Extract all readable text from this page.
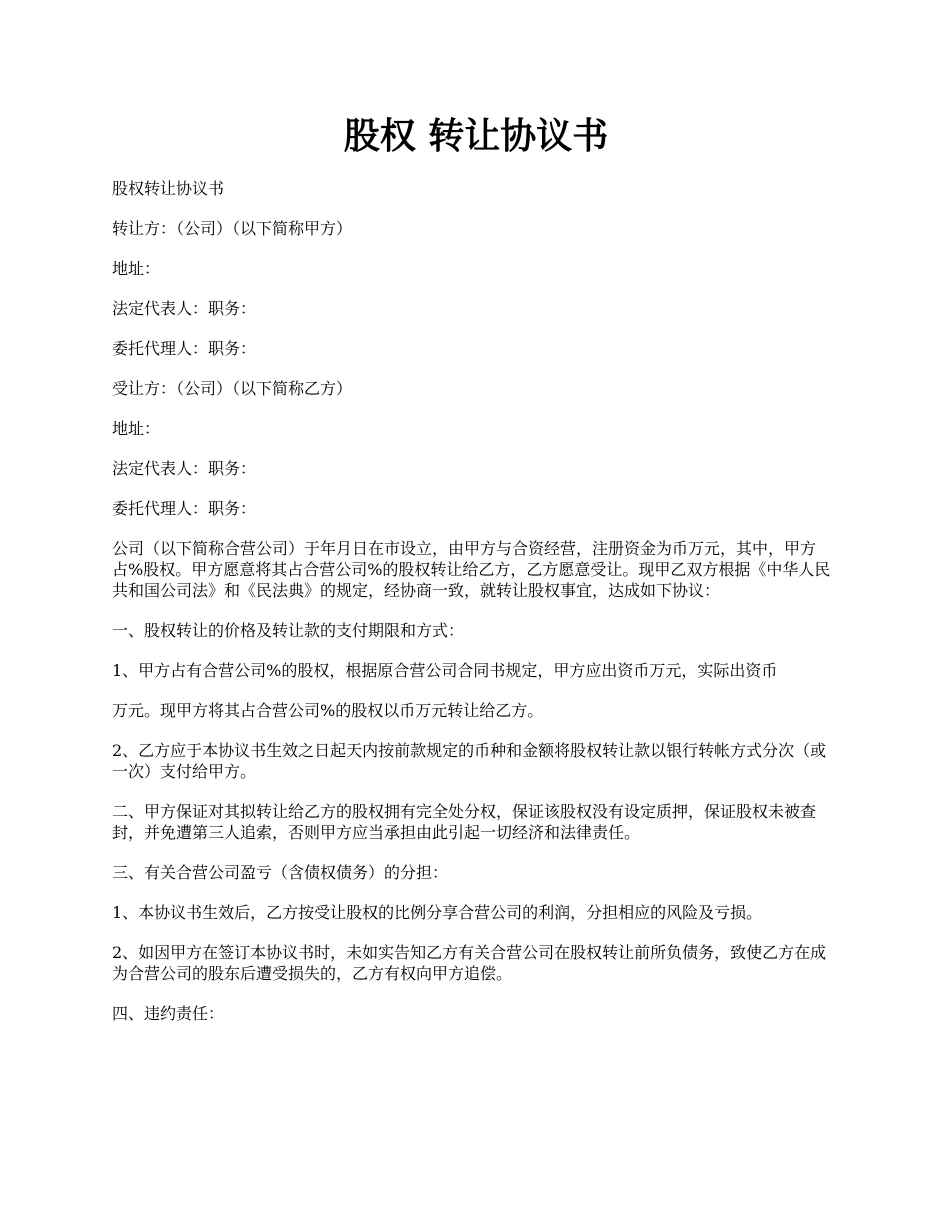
股权 转让协议书

股权转让协议书

转让方：（公司）（以下简称甲方）

地址：

法定代表人：职务：

委托代理人：职务：

受让方：（公司）（以下简称乙方）

地址：

法定代表人：职务：

委托代理人：职务：

公司（以下简称合营公司）于年月日在市设立，由甲方与合资经营，注册资金为币万元，其中，甲方占%股权。甲方愿意将其占合营公司%的股权转让给乙方，乙方愿意受让。现甲乙双方根据《中华人民共和国公司法》和《民法典》的规定，经协商一致，就转让股权事宜，达成如下协议：

一、股权转让的价格及转让款的支付期限和方式：

1、甲方占有合营公司%的股权，根据原合营公司合同书规定，甲方应出资币万元，实际出资币

万元。现甲方将其占合营公司%的股权以币万元转让给乙方。

2、乙方应于本协议书生效之日起天内按前款规定的币种和金额将股权转让款以银行转帐方式分次（或一次）支付给甲方。

二、甲方保证对其拟转让给乙方的股权拥有完全处分权，保证该股权没有设定质押，保证股权未被查封，并免遭第三人追索，否则甲方应当承担由此引起一切经济和法律责任。

三、有关合营公司盈亏（含债权债务）的分担：

1、本协议书生效后，乙方按受让股权的比例分享合营公司的利润，分担相应的风险及亏损。

2、如因甲方在签订本协议书时，未如实告知乙方有关合营公司在股权转让前所负债务，致使乙方在成为合营公司的股东后遭受损失的，乙方有权向甲方追偿。

四、违约责任：
